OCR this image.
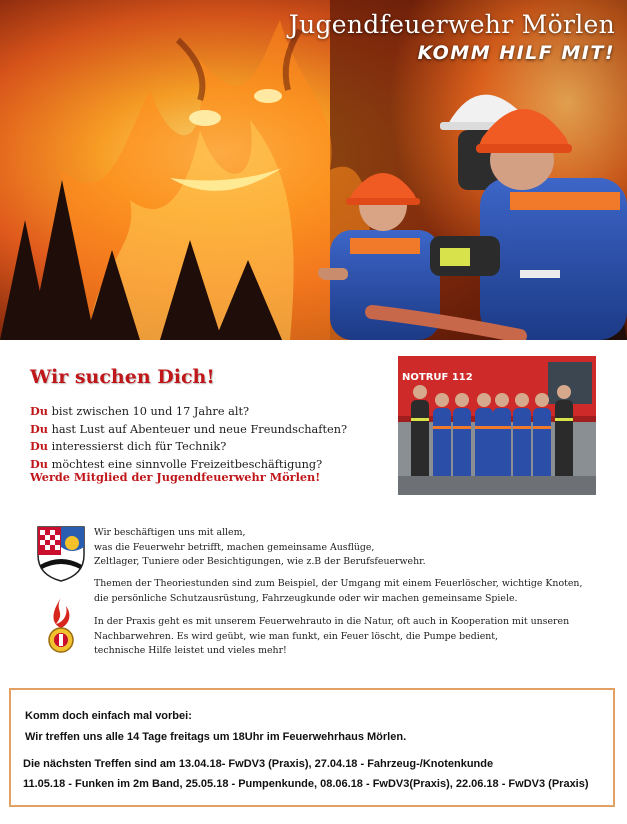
Jugendfeuerwehr Mörlen
KOMM HILF MIT!
Wir suchen Dich!
Du bist zwischen 10 und 17 Jahre alt?
Du hast Lust auf Abenteuer und neue Freundschaften?
Du interessierst dich für Technik?
Du möchtest eine sinnvolle Freizeitbeschäftigung?
Werde Mitglied der Jugendfeuerwehr Mörlen!
NOTRUF 112

Wir beschäftigen uns mit allem,
was die Feuerwehr betrifft, machen gemeinsame Ausflüge,
Zeltlager, Tuniere oder Besichtigungen, wie z.B der Berufsfeuerwehr.

Themen der Theoriestunden sind zum Beispiel, der Umgang mit einem Feuerlöscher, wichtige Knoten,
die persönliche Schutzausrüstung, Fahrzeugkunde oder wir machen gemeinsame Spiele.

In der Praxis geht es mit unserem Feuerwehrauto in die Natur, oft auch in Kooperation mit unseren
Nachbarwehren. Es wird geübt, wie man funkt, ein Feuer löscht, die Pumpe bedient,
technische Hilfe leistet und vieles mehr!

Komm doch einfach mal vorbei:
Wir treffen uns alle 14 Tage freitags um 18Uhr im Feuerwehrhaus Mörlen.
Die nächsten Treffen sind am 13.04.18- FwDV3 (Praxis), 27.04.18 - Fahrzeug-/Knotenkunde
11.05.18 - Funken im 2m Band, 25.05.18 - Pumpenkunde, 08.06.18 - FwDV3(Praxis), 22.06.18 - FwDV3 (Praxis)
